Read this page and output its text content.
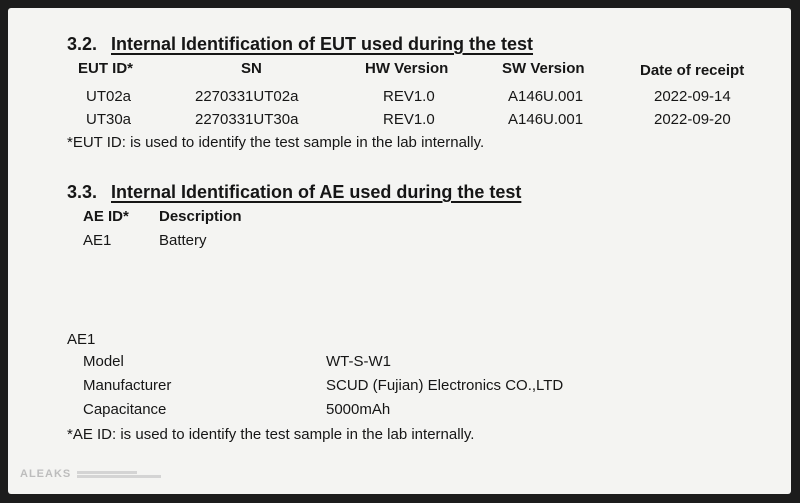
3.2. Internal Identification of EUT used during the test
EUT ID*	SN	HW Version	SW Version	Date of receipt
UT02a	2270331UT02a	REV1.0	A146U.001	2022-09-14
UT30a	2270331UT30a	REV1.0	A146U.001	2022-09-20
*EUT ID: is used to identify the test sample in the lab internally.
3.3. Internal Identification of AE used during the test
AE ID* Description
AE1	Battery
AE1
Model	WT-S-W1
Manufacturer	SCUD (Fujian) Electronics CO.,LTD
Capacitance	5000mAh
*AE ID: is used to identify the test sample in the lab internally.
ALEAKS
